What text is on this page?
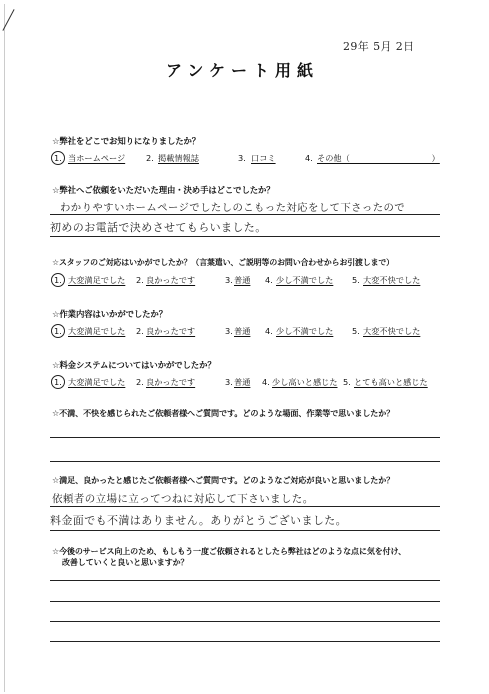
29年 5月 2日
アンケート用紙
☆弊社をどこでお知りになりましたか？
1. 当ホームページ	2. 掲載情報誌	3. 口コミ	4. その他（　　　　　　　　　　）
☆弊社へご依頼をいただいた理由・決め手はどこでしたか？
わかりやすいホームページでしたしのこもった対応をして下さったので
初めのお電話で決めさせてもらいました。
☆スタッフのご対応はいかがでしたか？（言葉遣い、ご説明等のお問い合わせからお引渡しまで）
1. 大変満足でした 2. 良かったです	3. 普通 4. 少し不満でした 5. 大変不快でした
☆作業内容はいかがでしたか？
1. 大変満足でした 2. 良かったです	3. 普通 4. 少し不満でした 5. 大変不快でした
☆料金システムについてはいかがでしたか？
1. 大変満足でした 2. 良かったです	3. 普通 4. 少し高いと感じた 5. とても高いと感じた
☆不満、不快を感じられたご依頼者様へご質問です。どのような場面、作業等で思いましたか？
☆満足、良かったと感じたご依頼者様へご質問です。どのようなご対応が良いと思いましたか？
依頼者の立場に立ってつねに対応して下さいました。
料金面でも不満はありません。ありがとうございました。
☆今後のサービス向上のため、もしもう一度ご依頼されるとしたら弊社はどのような点に気を付け、
改善していくと良いと思いますか？
